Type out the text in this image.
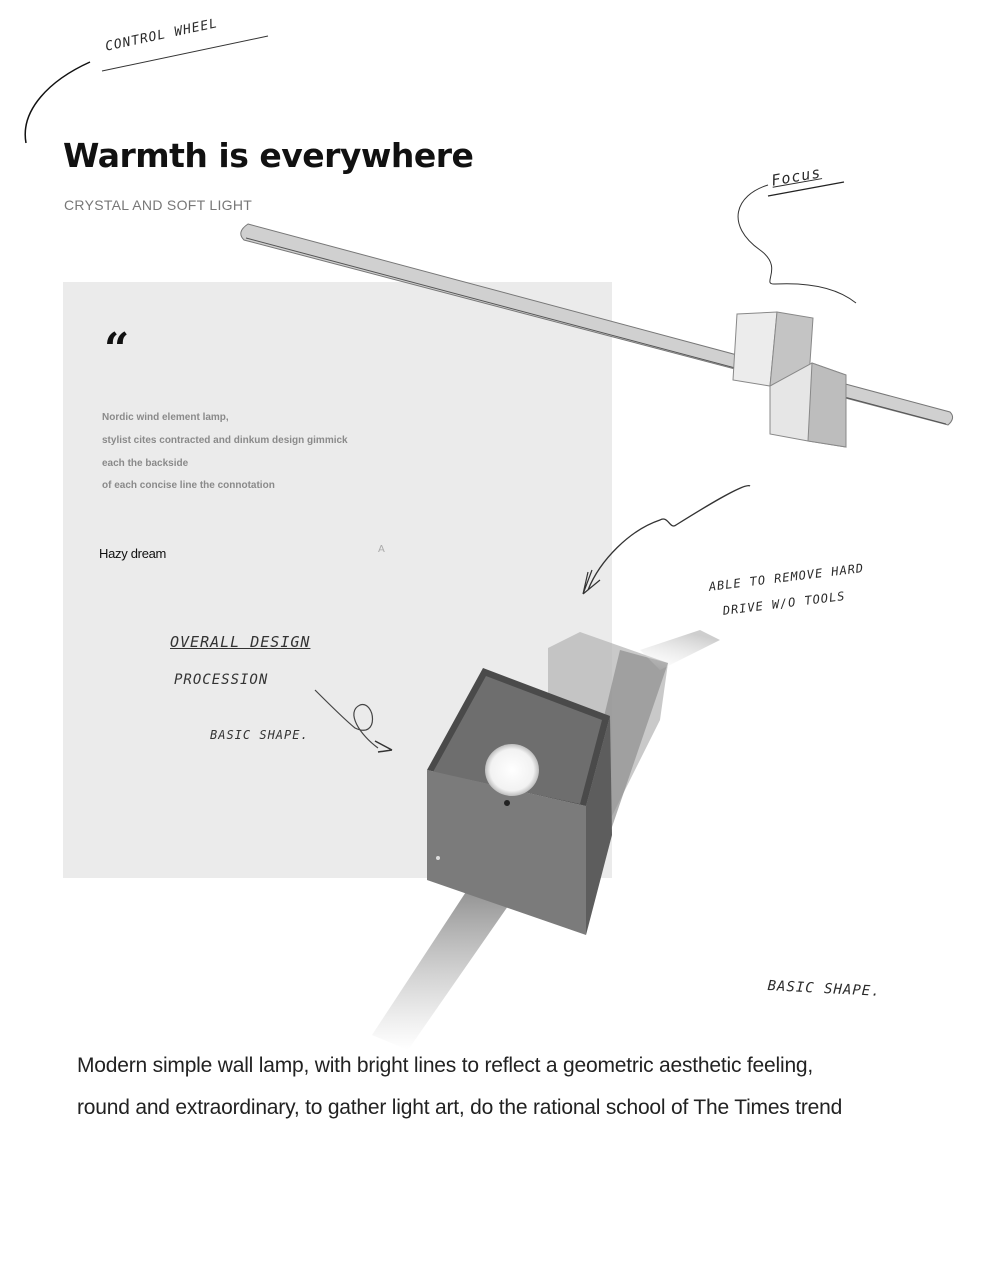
CONTROL WHEEL
Focus
ABLE TO REMOVE HARD
DRIVE W/O TOOLS
OVERALL DESIGN
PROCESSION
BASIC SHAPE.
BASIC SHAPE.
Warmth is everywhere
CRYSTAL AND SOFT LIGHT
“
Nordic wind element lamp,
stylist cites contracted and dinkum design gimmick
each the backside
of each concise line the connotation
Hazy dream	A
Modern simple wall lamp, with bright lines to reflect a geometric aesthetic feeling,
round and extraordinary, to gather light art, do the rational school of The Times trend
